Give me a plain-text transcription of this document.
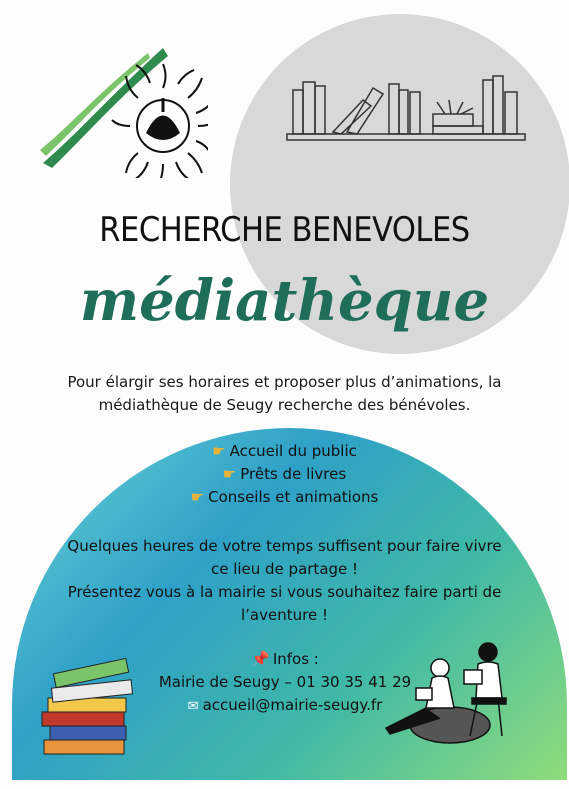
RECHERCHE BENEVOLES
médiathèque
Pour élargir ses horaires et proposer plus d’animations, la
médiathèque de Seugy recherche des bénévoles.
☛ Accueil du public
☛ Prêts de livres
☛ Conseils et animations
Quelques heures de votre temps suffisent pour faire vivre
ce lieu de partage !
Présentez vous à la mairie si vous souhaitez faire parti de
l’aventure !
📌 Infos :
Mairie de Seugy – 01 30 35 41 29
✉ accueil@mairie-seugy.fr
